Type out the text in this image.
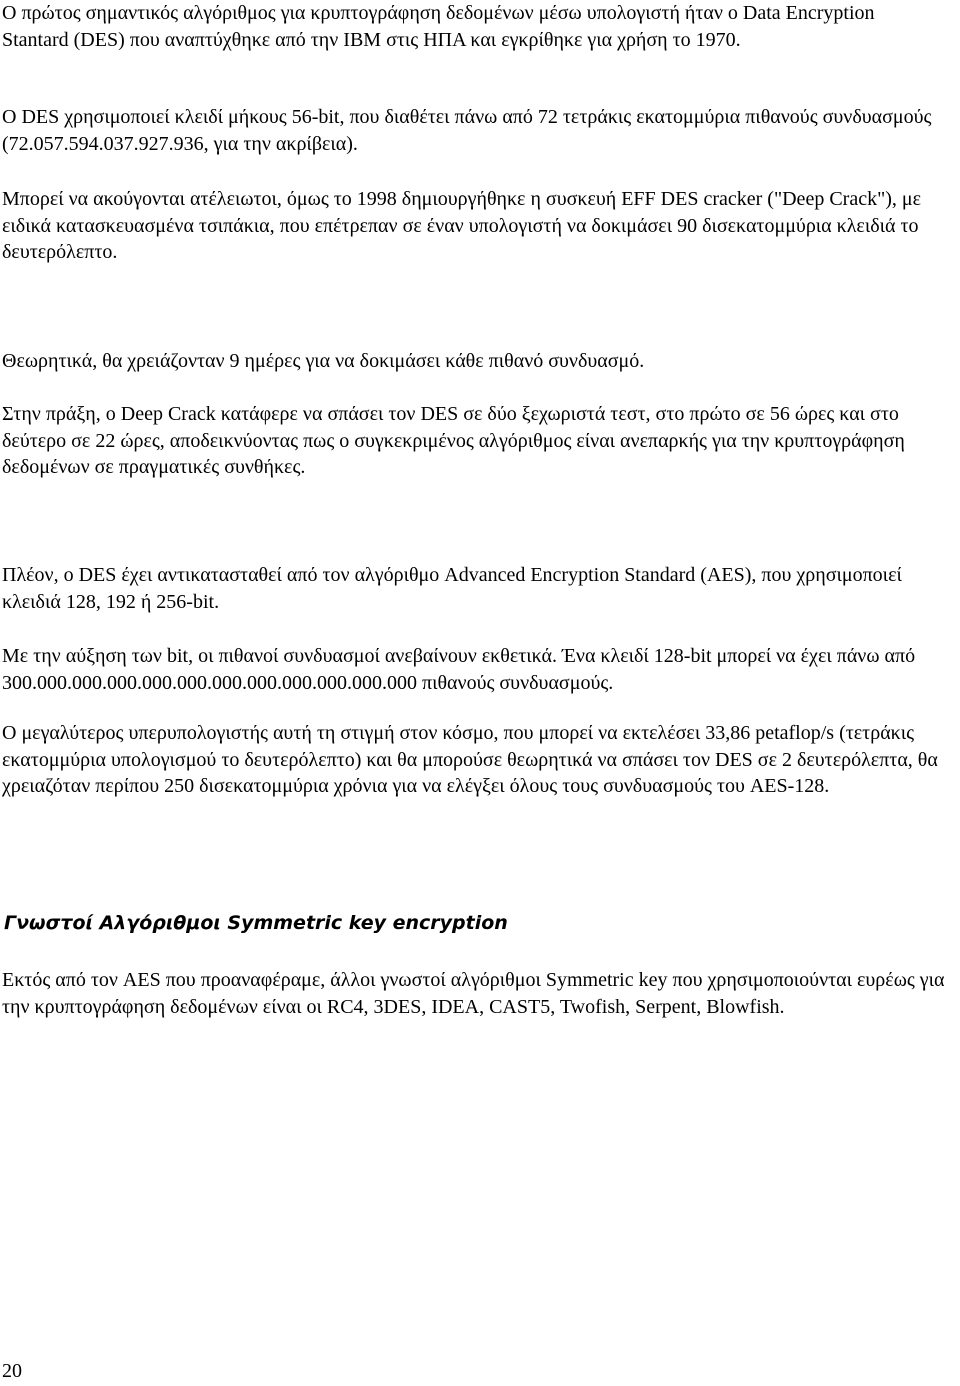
Ο πρώτος σημαντικός αλγόριθμος για κρυπτογράφηση δεδομένων μέσω υπολογιστή ήταν ο Data Encryption Stantard (DES) που αναπτύχθηκε από την IBM στις ΗΠΑ και εγκρίθηκε για χρήση το 1970.

Ο DES χρησιμοποιεί κλειδί μήκους 56-bit, που διαθέτει πάνω από 72 τετράκις εκατομμύρια πιθανούς συνδυασμούς (72.057.594.037.927.936, για την ακρίβεια).

Μπορεί να ακούγονται ατέλειωτοι, όμως το 1998 δημιουργήθηκε η συσκευή EFF DES cracker ("Deep Crack"), με ειδικά κατασκευασμένα τσιπάκια, που επέτρεπαν σε έναν υπολογιστή να δοκιμάσει 90 δισεκατομμύρια κλειδιά το δευτερόλεπτο.

Θεωρητικά, θα χρειάζονταν 9 ημέρες για να δοκιμάσει κάθε πιθανό συνδυασμό.

Στην πράξη, ο Deep Crack κατάφερε να σπάσει τον DES σε δύο ξεχωριστά τεστ, στο πρώτο σε 56 ώρες και στο δεύτερο σε 22 ώρες, αποδεικνύοντας πως ο συγκεκριμένος αλγόριθμος είναι ανεπαρκής για την κρυπτογράφηση δεδομένων σε πραγματικές συνθήκες.

Πλέον, ο DES έχει αντικατασταθεί από τον αλγόριθμο Advanced Encryption Standard (AES), που χρησιμοποιεί κλειδιά 128, 192 ή 256-bit.

Με την αύξηση των bit, οι πιθανοί συνδυασμοί ανεβαίνουν εκθετικά. Ένα κλειδί 128-bit μπορεί να έχει πάνω από 300.000.000.000.000.000.000.000.000.000.000.000 πιθανούς συνδυασμούς.

Ο μεγαλύτερος υπερυπολογιστής αυτή τη στιγμή στον κόσμο, που μπορεί να εκτελέσει 33,86 petaflop/s (τετράκις εκατομμύρια υπολογισμού το δευτερόλεπτο) και θα μπορούσε θεωρητικά να σπάσει τον DES σε 2 δευτερόλεπτα, θα χρειαζόταν περίπου 250 δισεκατομμύρια χρόνια για να ελέγξει όλους τους συνδυασμούς του AES-128.

Γνωστοί Αλγόριθμοι Symmetric key encryption

Εκτός από τον AES που προαναφέραμε, άλλοι γνωστοί αλγόριθμοι Symmetric key που χρησιμοποιούνται ευρέως για την κρυπτογράφηση δεδομένων είναι οι RC4, 3DES, IDEA, CAST5, Twofish, Serpent, Blowfish.

20
